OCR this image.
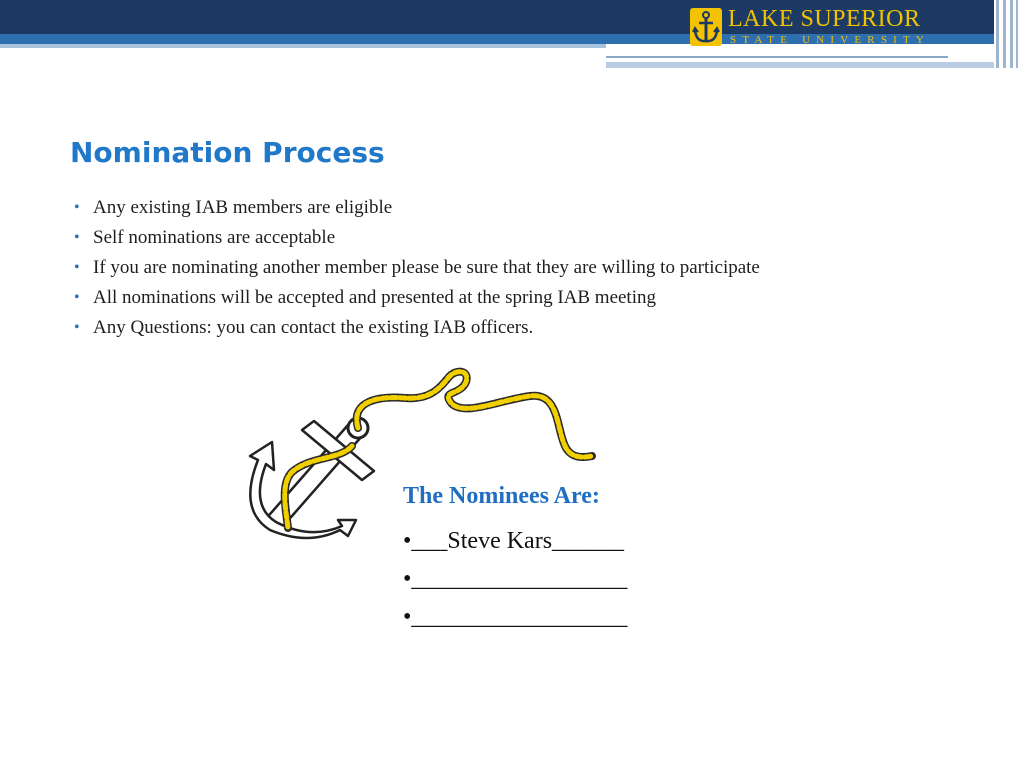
LAKE SUPERIOR
STATE UNIVERSITY
Nomination Process
• Any existing IAB members are eligible
• Self nominations are acceptable
• If you are nominating another member please be sure that they are willing to participate
• All nominations will be accepted and presented at the spring IAB meeting
• Any Questions: you can contact the existing IAB officers.
The Nominees Are:
•___Steve Kars______
•__________________
•__________________
